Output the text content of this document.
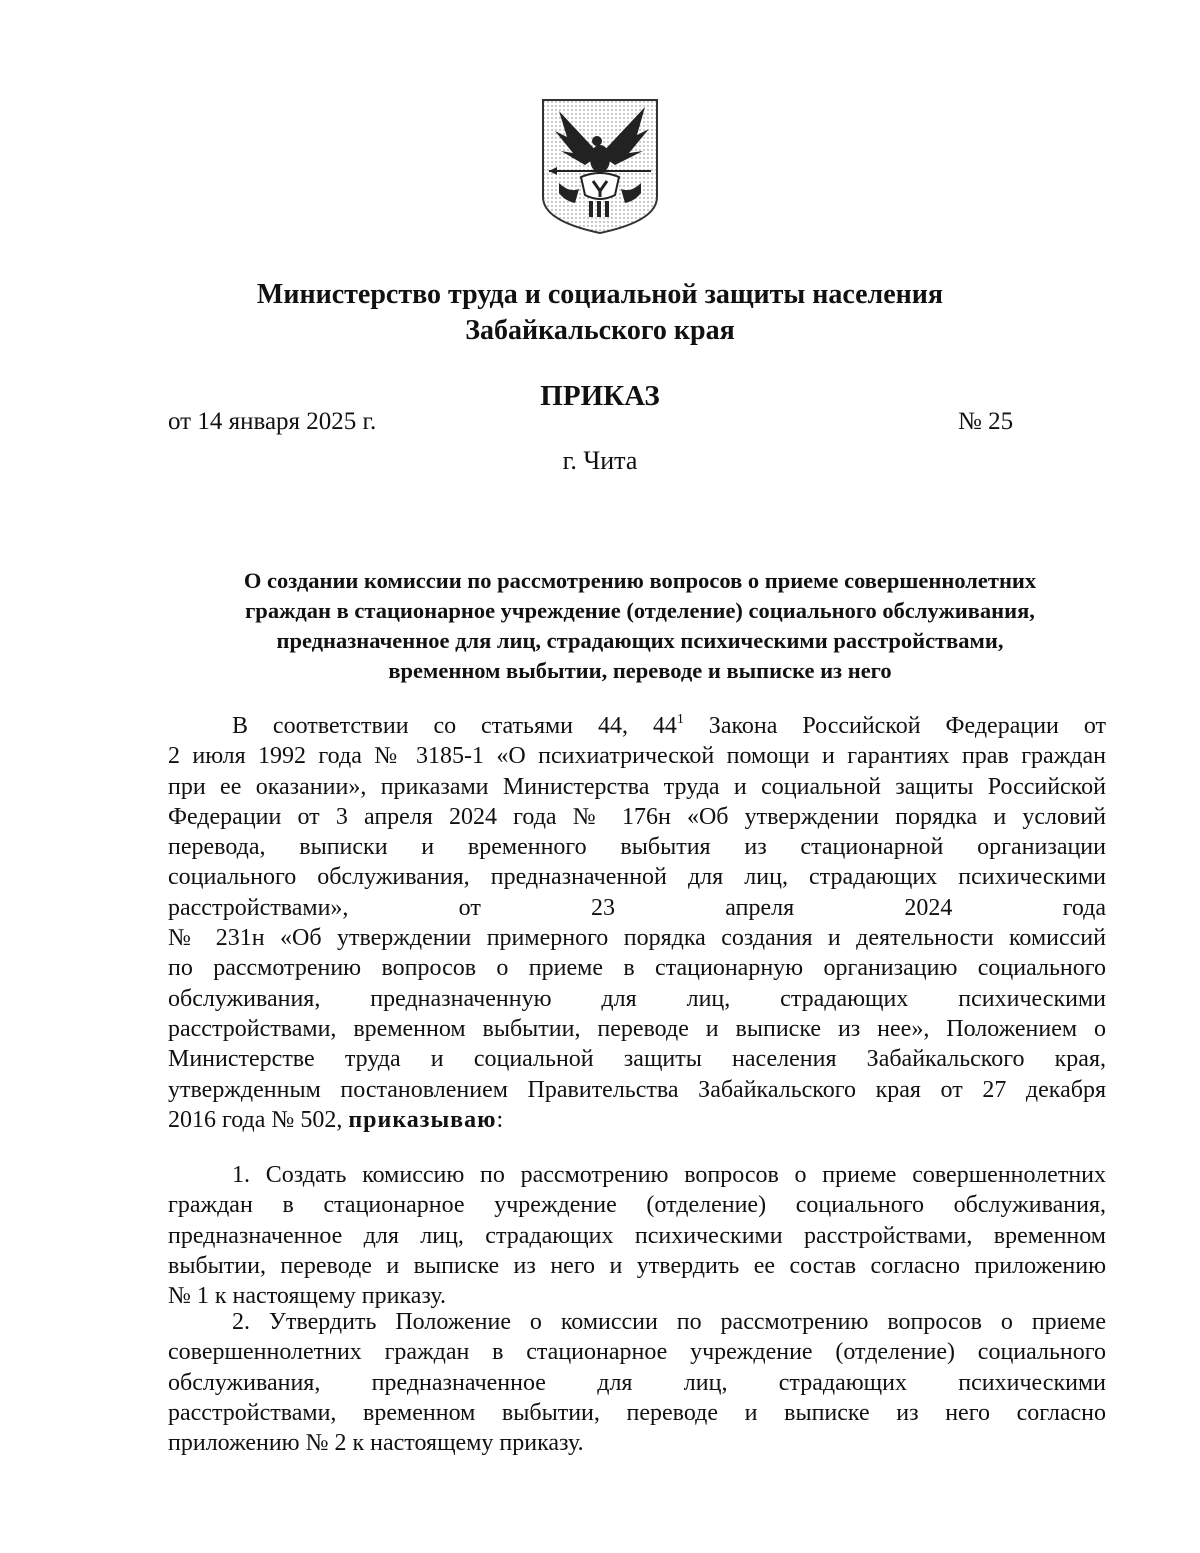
Министерство труда и социальной защиты населения
Забайкальского края
ПРИКАЗ
от 14 января 2025 г.	№ 25
г. Чита
О создании комиссии по рассмотрению вопросов о приеме совершеннолетних
граждан в стационарное учреждение (отделение) социального обслуживания,
предназначенное для лиц, страдающих психическими расстройствами,
временном выбытии, переводе и выписке из него
В соответствии со статьями 44, $44^1$ Закона Российской Федерации от
2 июля 1992 года № 3185-1 «О психиатрической помощи и гарантиях прав граждан
при ее оказании», приказами Министерства труда и социальной защиты Российской
Федерации от 3 апреля 2024 года № 176н «Об утверждении порядка и условий
перевода, выписки и временного выбытия из стационарной организации
социального обслуживания, предназначенной для лиц, страдающих психическими
расстройствами», от 23 апреля 2024 года
№ 231н «Об утверждении примерного порядка создания и деятельности комиссий
по рассмотрению вопросов о приеме в стационарную организацию социального
обслуживания, предназначенную для лиц, страдающих психическими
расстройствами, временном выбытии, переводе и выписке из нее», Положением о
Министерстве труда и социальной защиты населения Забайкальского края,
утвержденным постановлением Правительства Забайкальского края от 27 декабря
2016 года № 502, приказываю:
1. Создать комиссию по рассмотрению вопросов о приеме совершеннолетних
граждан в стационарное учреждение (отделение) социального обслуживания,
предназначенное для лиц, страдающих психическими расстройствами, временном
выбытии, переводе и выписке из него и утвердить ее состав согласно приложению
№ 1 к настоящему приказу.
2. Утвердить Положение о комиссии по рассмотрению вопросов о приеме
совершеннолетних граждан в стационарное учреждение (отделение) социального
обслуживания, предназначенное для лиц, страдающих психическими
расстройствами, временном выбытии, переводе и выписке из него согласно
приложению № 2 к настоящему приказу.
